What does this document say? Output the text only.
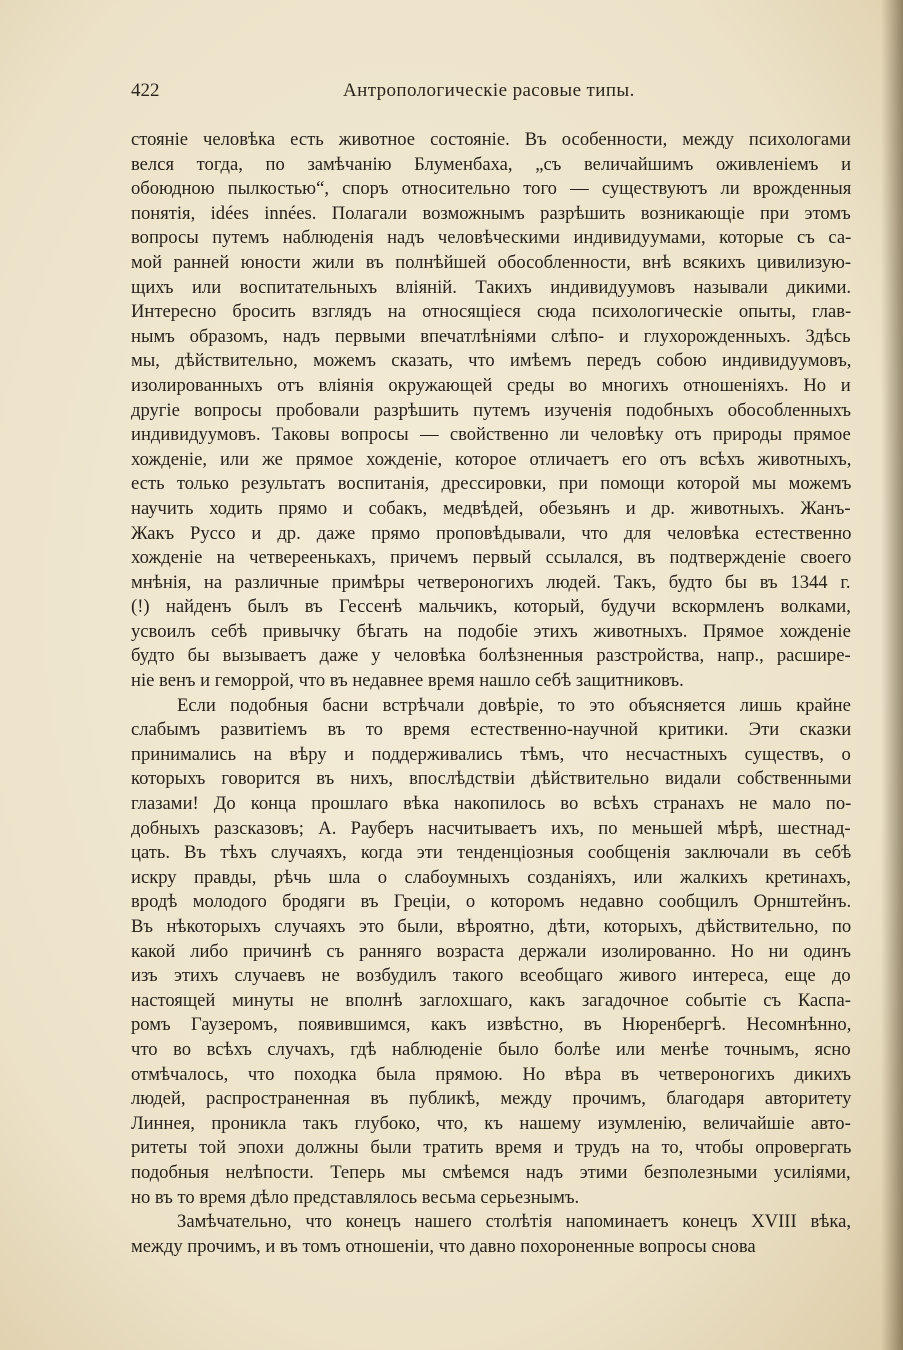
422	Антропологическiе расовые типы.
стоянiе человѣка есть животное состоянiе. Въ особенности, между психологами
велся тогда, по замѣчанiю Блуменбаха, „съ величайшимъ оживленiемъ и
обоюдною пылкостью“, споръ относительно того — существуютъ ли врожденныя
понятiя, idées innées. Полагали возможнымъ разрѣшить возникающiе при этомъ
вопросы путемъ наблюденiя надъ человѣческими индивидуумами, которые съ са-
мой ранней юности жили въ полнѣйшей обособленности, внѣ всякихъ цивилизую-
щихъ или воспитательныхъ влiянiй. Такихъ индивидуумовъ называли дикими.
Интересно бросить взглядъ на относящiеся сюда психологическiе опыты, глав-
нымъ образомъ, надъ первыми впечатлѣнiями слѣпо- и глухорожденныхъ. Здѣсь
мы, дѣйствительно, можемъ сказать, что имѣемъ передъ собою индивидуумовъ,
изолированныхъ отъ влiянiя окружающей среды во многихъ отношенiяхъ. Но и
другiе вопросы пробовали разрѣшить путемъ изученiя подобныхъ обособленныхъ
индивидуумовъ. Таковы вопросы — свойственно ли человѣку отъ природы прямое
хожденiе, или же прямое хожденiе, которое отличаетъ его отъ всѣхъ животныхъ,
есть только результатъ воспитанiя, дрессировки, при помощи которой мы можемъ
научить ходить прямо и собакъ, медвѣдей, обезьянъ и др. животныхъ. Жанъ-
Жакъ Руссо и др. даже прямо проповѣдывали, что для человѣка естественно
хожденiе на четвереенькахъ, причемъ первый ссылался, въ подтвержденiе своего
мнѣнiя, на различные примѣры четвероногихъ людей. Такъ, будто бы въ 1344 г.
(!) найденъ былъ въ Гессенѣ мальчикъ, который, будучи вскормленъ волками,
усвоилъ себѣ привычку бѣгать на подобiе этихъ животныхъ. Прямое хожденiе
будто бы вызываетъ даже у человѣка болѣзненныя разстройства, напр., расшире-
нiе венъ и геморрой, что въ недавнее время нашло себѣ защитниковъ.
Если подобныя басни встрѣчали довѣрiе, то это объясняется лишь крайне
слабымъ развитiемъ въ то время естественно-научной критики. Эти сказки
принимались на вѣру и поддерживались тѣмъ, что несчастныхъ существъ, о
которыхъ говорится въ нихъ, впослѣдствiи дѣйствительно видали собственными
глазами! До конца прошлаго вѣка накопилось во всѣхъ странахъ не мало по-
добныхъ разсказовъ; А. Рауберъ насчитываетъ ихъ, по меньшей мѣрѣ, шестнад-
цать. Въ тѣхъ случаяхъ, когда эти тенденцiозныя сообщенiя заключали въ себѣ
искру правды, рѣчь шла о слабоумныхъ созданiяхъ, или жалкихъ кретинахъ,
вродѣ молодого бродяги въ Грецiи, о которомъ недавно сообщилъ Орнштейнъ.
Въ нѣкоторыхъ случаяхъ это были, вѣроятно, дѣти, которыхъ, дѣйствительно, по
какой либо причинѣ съ ранняго возраста держали изолированно. Но ни одинъ
изъ этихъ случаевъ не возбудилъ такого всеобщаго живого интереса, еще до
настоящей минуты не вполнѣ заглохшаго, какъ загадочное событiе съ Каспа-
ромъ Гаузеромъ, появившимся, какъ извѣстно, въ Нюренбергѣ. Несомнѣнно,
что во всѣхъ случахъ, гдѣ наблюденiе было болѣе или менѣе точнымъ, ясно
отмѣчалось, что походка была прямою. Но вѣра въ четвероногихъ дикихъ
людей, распространенная въ публикѣ, между прочимъ, благодаря авторитету
Линнея, проникла такъ глубоко, что, къ нашему изумленiю, величайшiе авто-
ритеты той эпохи должны были тратить время и трудъ на то, чтобы опровергать
подобныя нелѣпости. Теперь мы смѣемся надъ этими безполезными усилiями,
но въ то время дѣло представлялось весьма серьезнымъ.
Замѣчательно, что конецъ нашего столѣтiя напоминаетъ конецъ XVIII вѣка,
между прочимъ, и въ томъ отношенiи, что давно похороненные вопросы снова
